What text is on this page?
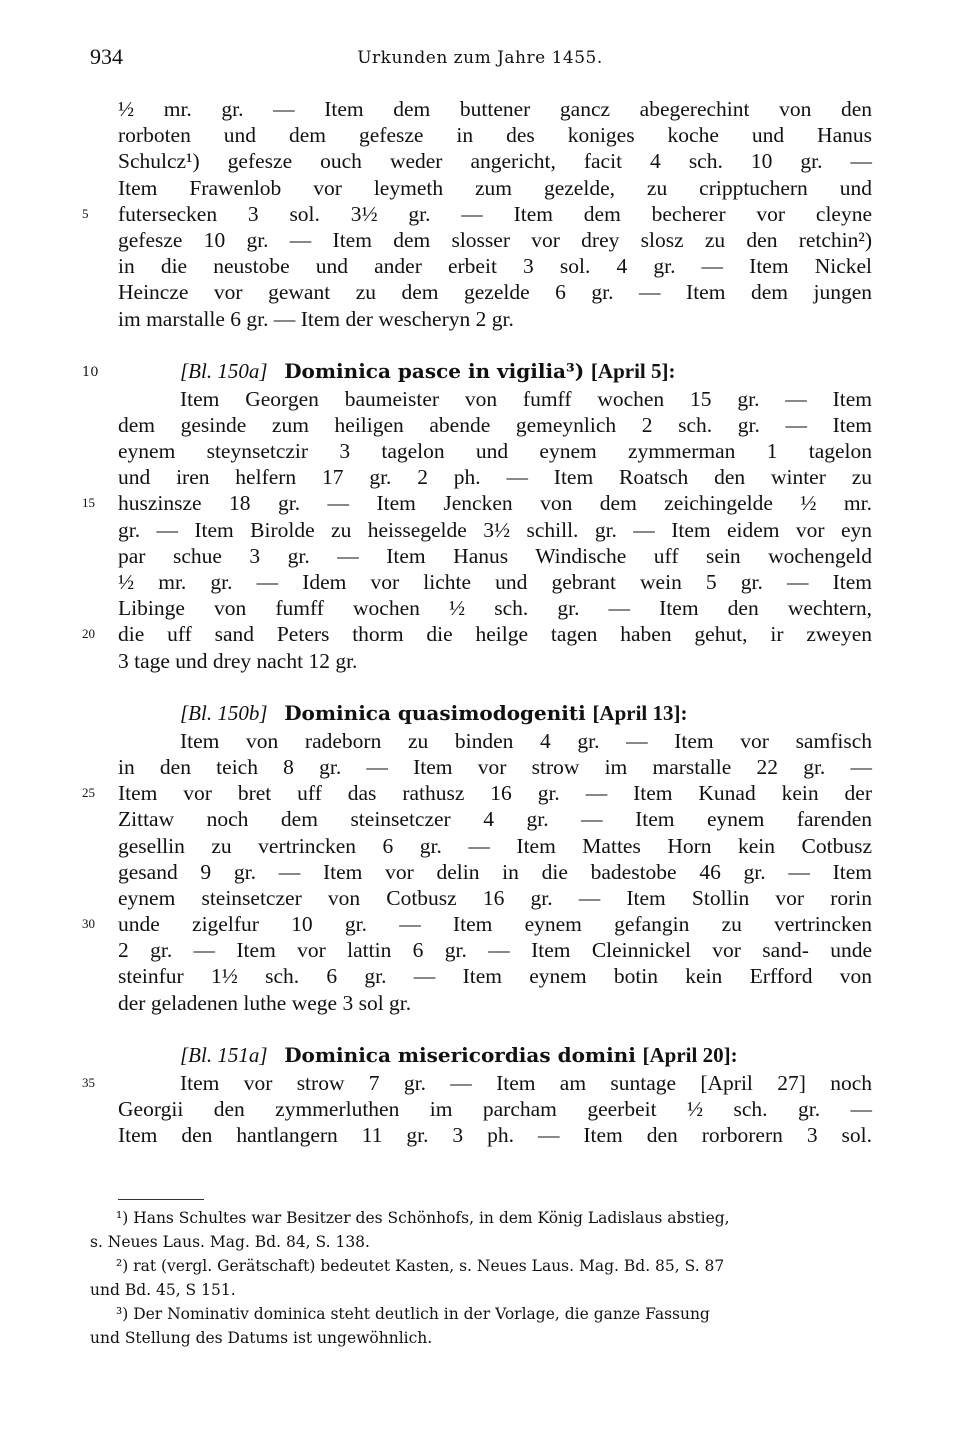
934	Urkunden zum Jahre 1455.
½ mr. gr. — Item dem buttener gancz abegerechint von den
rorboten und dem gefesze in des koniges koche und Hanus
Schulcz¹) gefesze ouch weder angericht, facit 4 sch. 10 gr. —
Item Frawenlob vor leymeth zum gezelde, zu cripptuchern und
5 futersecken 3 sol. 3½ gr. — Item dem becherer vor cleyne
gefesze 10 gr. — Item dem slosser vor drey slosz zu den retchin²)
in die neustobe und ander erbeit 3 sol. 4 gr. — Item Nickel
Heincze vor gewant zu dem gezelde 6 gr. — Item dem jungen
im marstalle 6 gr. — Item der wescheryn 2 gr.
10	[Bl. 150a] Dominica pasce in vigilia³) [April 5]:
Item Georgen baumeister von fumff wochen 15 gr. — Item
dem gesinde zum heiligen abende gemeynlich 2 sch. gr. — Item
eynem steynsetczir 3 tagelon und eynem zymmerman 1 tagelon
und iren helfern 17 gr. 2 ph. — Item Roatsch den winter zu
15 huszinsze 18 gr. — Item Jencken von dem zeichingelde ½ mr.
gr. — Item Birolde zu heissegelde 3½ schill. gr. — Item eidem vor eyn
par schue 3 gr. — Item Hanus Windische uff sein wochengeld
½ mr. gr. — Idem vor lichte und gebrant wein 5 gr. — Item
Libinge von fumff wochen ½ sch. gr. — Item den wechtern,
20 die uff sand Peters thorm die heilge tagen haben gehut, ir zweyen
3 tage und drey nacht 12 gr.
[Bl. 150b] Dominica quasimodogeniti [April 13]:
Item von radeborn zu binden 4 gr. — Item vor samfisch
in den teich 8 gr. — Item vor strow im marstalle 22 gr. —
25 Item vor bret uff das rathusz 16 gr. — Item Kunad kein der
Zittaw noch dem steinsetczer 4 gr. — Item eynem farenden
gesellin zu vertrincken 6 gr. — Item Mattes Horn kein Cotbusz
gesand 9 gr. — Item vor delin in die badestobe 46 gr. — Item
eynem steinsetczer von Cotbusz 16 gr. — Item Stollin vor rorin
30 unde zigelfur 10 gr. — Item eynem gefangin zu vertrincken
2 gr. — Item vor lattin 6 gr. — Item Cleinnickel vor sand- unde
steinfur 1½ sch. 6 gr. — Item eynem botin kein Erfford von
der geladenen luthe wege 3 sol gr.
[Bl. 151a] Dominica misericordias domini [April 20]:
35	Item vor strow 7 gr. — Item am suntage [April 27] noch
Georgii den zymmerluthen im parcham geerbeit ½ sch. gr. —
Item den hantlangern 11 gr. 3 ph. — Item den rorborern 3 sol.
¹) Hans Schultes war Besitzer des Schönhofs, in dem König Ladislaus abstieg,
s. Neues Laus. Mag. Bd. 84, S. 138.
²) rat (vergl. Gerätschaft) bedeutet Kasten, s. Neues Laus. Mag. Bd. 85, S. 87
und Bd. 45, S 151.
³) Der Nominativ dominica steht deutlich in der Vorlage, die ganze Fassung
und Stellung des Datums ist ungewöhnlich.
